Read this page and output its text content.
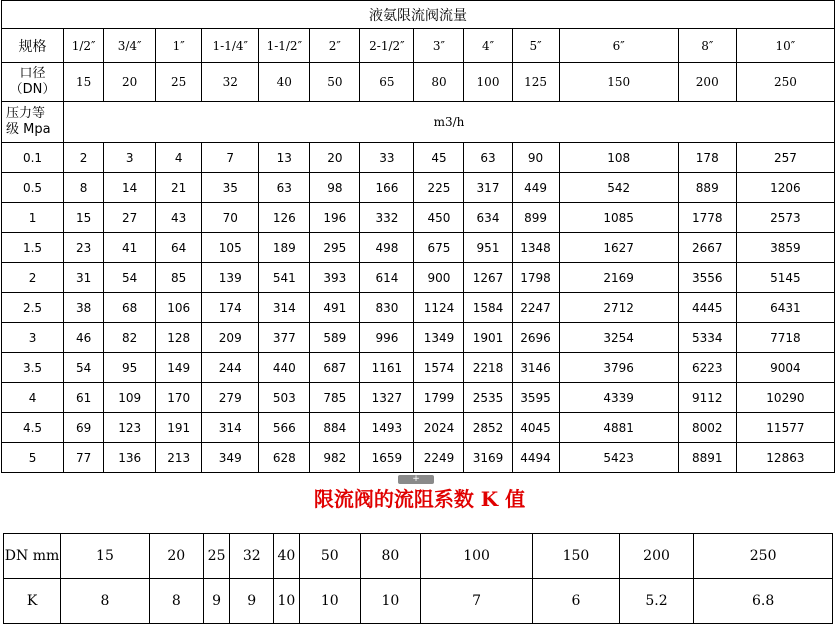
液氨限流阀流量													
规格	1/2″	3/4″	1″	1-1/4″	1-1/2″	2″	2-1/2″	3″	4″	5″	6″	8″	10″
口径
（DN）	15	20	25	32	40	50	65	80	100	125	150	200	250
压力等
级 Mpa	m3/h												
0.1	2	3	4	7	13	20	33	45	63	90	108	178	257
0.5	8	14	21	35	63	98	166	225	317	449	542	889	1206
1	15	27	43	70	126	196	332	450	634	899	1085	1778	2573
1.5	23	41	64	105	189	295	498	675	951	1348	1627	2667	3859
2	31	54	85	139	541	393	614	900	1267	1798	2169	3556	5145
2.5	38	68	106	174	314	491	830	1124	1584	2247	2712	4445	6431
3	46	82	128	209	377	589	996	1349	1901	2696	3254	5334	7718
3.5	54	95	149	244	440	687	1161	1574	2218	3146	3796	6223	9004
4	61	109	170	279	503	785	1327	1799	2535	3595	4339	9112	10290
4.5	69	123	191	314	566	884	1493	2024	2852	4045	4881	8002	11577
5	77	136	213	349	628	982	1659	2249	3169	4494	5423	8891	12863
+
限流阀的流阻系数 K 值
DN mm	15	20	25	32	40	50	80	100	150	200	250
K	8	8	9	9	10	10	10	7	6	5.2	6.8
